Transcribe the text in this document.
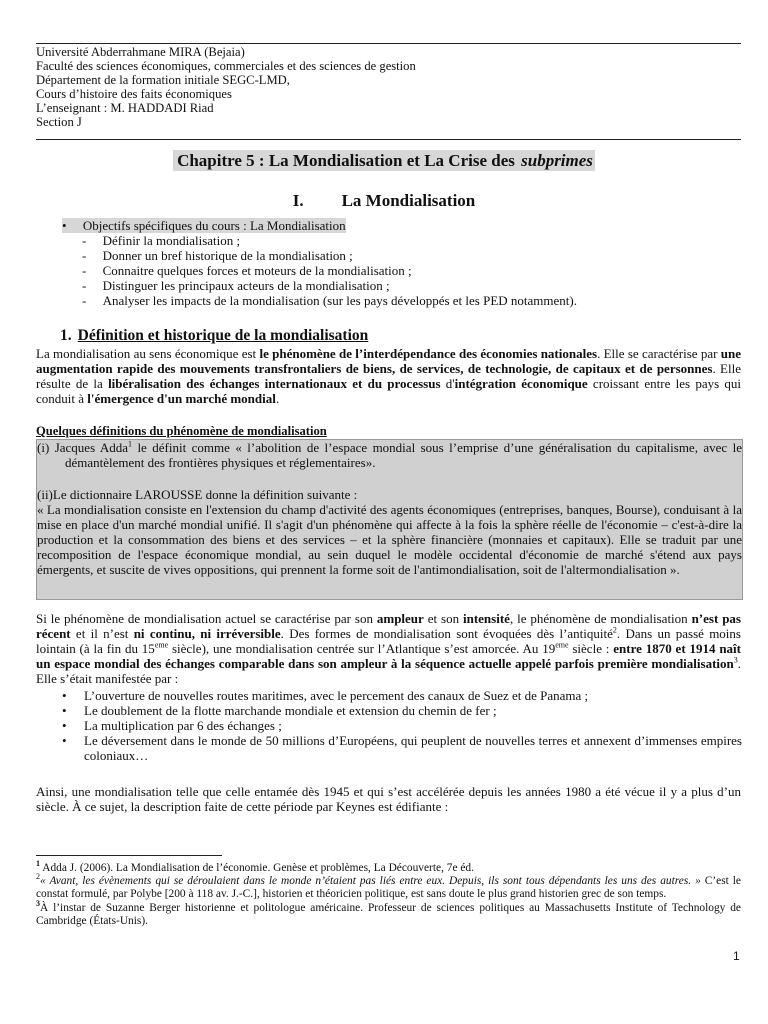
Université Abderrahmane MIRA (Bejaia)
Faculté des sciences économiques, commerciales et des sciences de gestion
Département de la formation initiale SEGC-LMD,
Cours d’histoire des faits économiques
L’enseignant : M. HADDADI Riad
Section J
Chapitre 5 : La Mondialisation et La Crise des subprimes
I. La Mondialisation
•     Objectifs spécifiques du cours : La Mondialisation
-     Définir la mondialisation ;
-     Donner un bref historique de la mondialisation ;
-     Connaitre quelques forces et moteurs de la mondialisation ;
-     Distinguer les principaux acteurs de la mondialisation ;
-     Analyser les impacts de la mondialisation (sur les pays développés et les PED notamment).
1. Définition et historique de la mondialisation

La mondialisation au sens économique est le phénomène de l’interdépendance des économies nationales. Elle se caractérise par une augmentation rapide des mouvements transfrontaliers de biens, de services, de technologie, de capitaux et de personnes. Elle résulte de la libéralisation des échanges internationaux et du processus d'intégration économique croissant entre les pays qui conduit à l'émergence d'un marché mondial.

Quelques définitions du phénomène de mondialisation

(i) Jacques Adda$^1$ le définit comme « l’abolition de l’espace mondial sous l’emprise d’une généralisation du capitalisme, avec le démantèlement des frontières physiques et réglementaires».

(ii)Le dictionnaire LAROUSSE donne la définition suivante :

« La mondialisation consiste en l'extension du champ d'activité des agents économiques (entreprises, banques, Bourse), conduisant à la mise en place d'un marché mondial unifié. Il s'agit d'un phénomène qui affecte à la fois la sphère réelle de l'économie – c'est-à-dire la production et la consommation des biens et des services – et la sphère financière (monnaies et capitaux). Elle se traduit par une recomposition de l'espace économique mondial, au sein duquel le modèle occidental d'économie de marché s'étend aux pays émergents, et suscite de vives oppositions, qui prennent la forme soit de l'antimondialisation, soit de l'altermondialisation ».

Si le phénomène de mondialisation actuel se caractérise par son ampleur et son intensité, le phénomène de mondialisation n’est pas récent et il n’est ni continu, ni irréversible. Des formes de mondialisation sont évoquées dès l’antiquité$^2$. Dans un passé moins lointain (à la fin du 15eme siècle), une mondialisation centrée sur l’Atlantique s’est amorcée. Au 19eme siècle : entre 1870 et 1914 naît un espace mondial des échanges comparable dans son ampleur à la séquence actuelle appelé parfois première mondialisation$^3$. Elle s’était manifestée par :

• L’ouverture de nouvelles routes maritimes, avec le percement des canaux de Suez et de Panama ;
• Le doublement de la flotte marchande mondiale et extension du chemin de fer ;
• La multiplication par 6 des échanges ;
• Le déversement dans le monde de 50 millions d’Européens, qui peuplent de nouvelles terres et annexent d’immenses empires coloniaux…
Ainsi, une mondialisation telle que celle entamée dès 1945 et qui s’est accélérée depuis les années 1980 a été vécue il y a plus d’un siècle. À ce sujet, la description faite de cette période par Keynes est édifiante :

$^1$ Adda J. (2006). La Mondialisation de l’économie. Genèse et problèmes, La Découverte, 7e éd.

$^2$« Avant, les évènements qui se déroulaient dans le monde n’étaient pas liés entre eux. Depuis, ils sont tous dépendants les uns des autres. » C’est le constat formulé, par Polybe [200 à 118 av. J.-C.], historien et théoricien politique, est sans doute le plus grand historien grec de son temps.

$^3$À l’instar de Suzanne Berger historienne et politologue américaine. Professeur de sciences politiques au Massachusetts Institute of Technology de Cambridge (États-Unis).

1
